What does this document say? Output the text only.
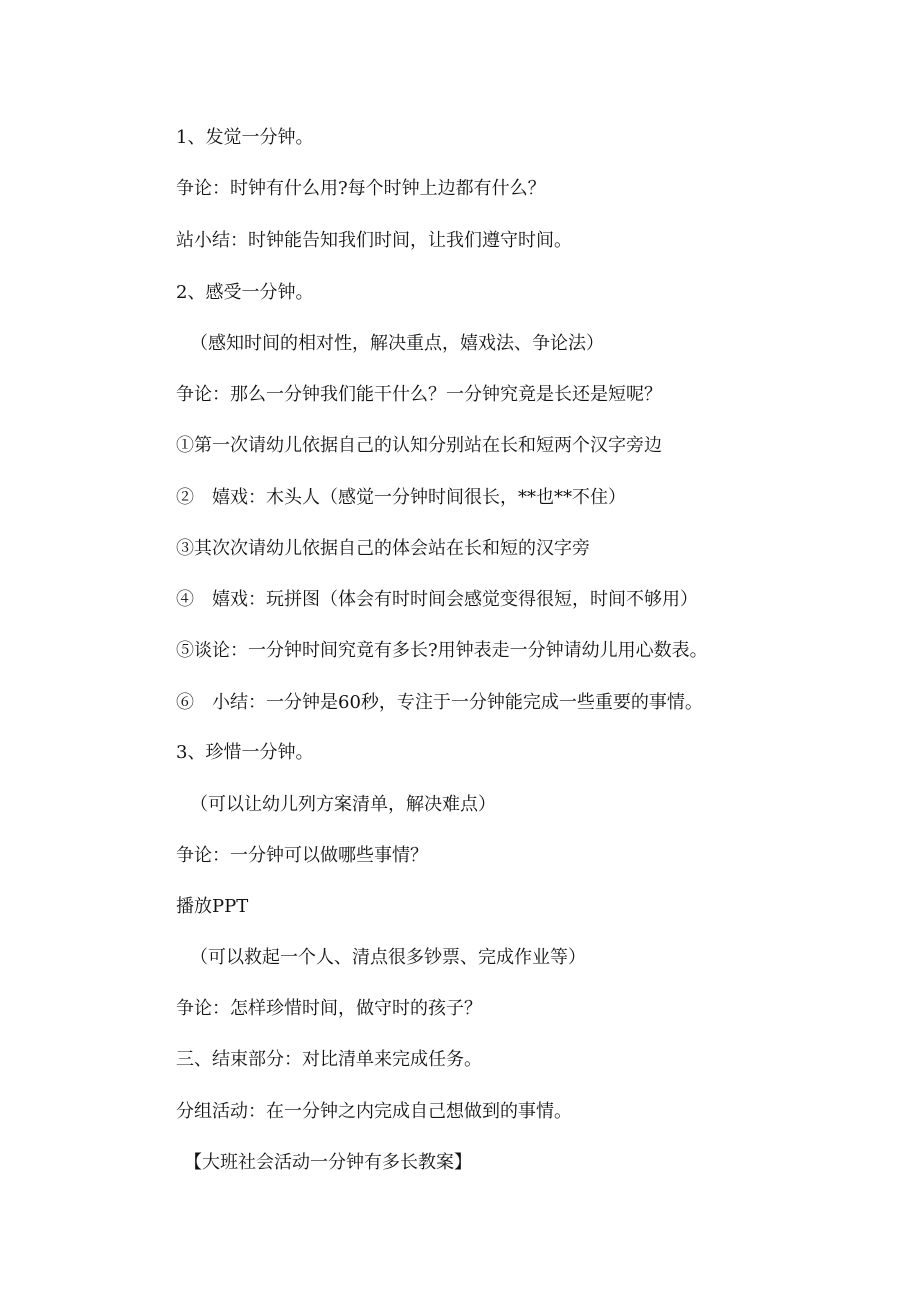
1、发觉一分钟。

争论：时钟有什么用?每个时钟上边都有什么？

站小结：时钟能告知我们时间，让我们遵守时间。

2、感受一分钟。

（感知时间的相对性，解决重点，嬉戏法、争论法）

争论：那么一分钟我们能干什么？一分钟究竟是长还是短呢？

①第一次请幼儿依据自己的认知分别站在长和短两个汉字旁边

②　嬉戏：木头人（感觉一分钟时间很长，**也**不住）

③其次次请幼儿依据自己的体会站在长和短的汉字旁

④　嬉戏：玩拼图（体会有时时间会感觉变得很短，时间不够用）

⑤谈论：一分钟时间究竟有多长?用钟表走一分钟请幼儿用心数表。

⑥　小结：一分钟是60秒，专注于一分钟能完成一些重要的事情。

3、珍惜一分钟。

（可以让幼儿列方案清单，解决难点）

争论：一分钟可以做哪些事情？

播放PPT

（可以救起一个人、清点很多钞票、完成作业等）

争论：怎样珍惜时间，做守时的孩子？

三、结束部分：对比清单来完成任务。

分组活动：在一分钟之内完成自己想做到的事情。

【大班社会活动一分钟有多长教案】
